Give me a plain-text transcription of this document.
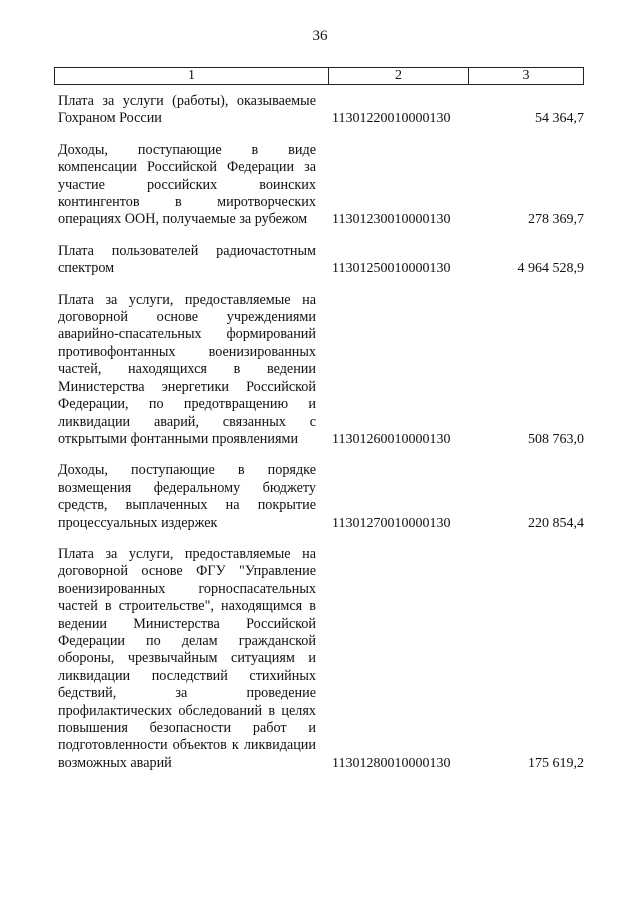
36
1	2	3
Плата за услуги (работы), оказываемые Гохраном России	11301220010000130	54 364,7
Доходы, поступающие в виде компенсации Российской Федерации за участие российских воинских контингентов в миротворческих операциях ООН, получаемые за рубежом	11301230010000130	278 369,7
Плата пользователей радиочастотным спектром	11301250010000130	4 964 528,9
Плата за услуги, предоставляемые на договорной основе учреждениями аварийно-спасательных формирований противофонтанных военизированных частей, находящихся в ведении Министерства энергетики Российской Федерации, по предотвращению и ликвидации аварий, связанных с открытыми фонтанными проявлениями	11301260010000130	508 763,0
Доходы, поступающие в порядке возмещения федеральному бюджету средств, выплаченных на покрытие процессуальных издержек	11301270010000130	220 854,4
Плата за услуги, предоставляемые на договорной основе ФГУ "Управление военизированных горноспасательных частей в строительстве", находящимся в ведении Министерства Российской Федерации по делам гражданской обороны, чрезвычайным ситуациям и ликвидации последствий стихийных бедствий, за проведение профилактических обследований в целях повышения безопасности работ и подготовленности объектов к ликвидации возможных аварий	11301280010000130	175 619,2
